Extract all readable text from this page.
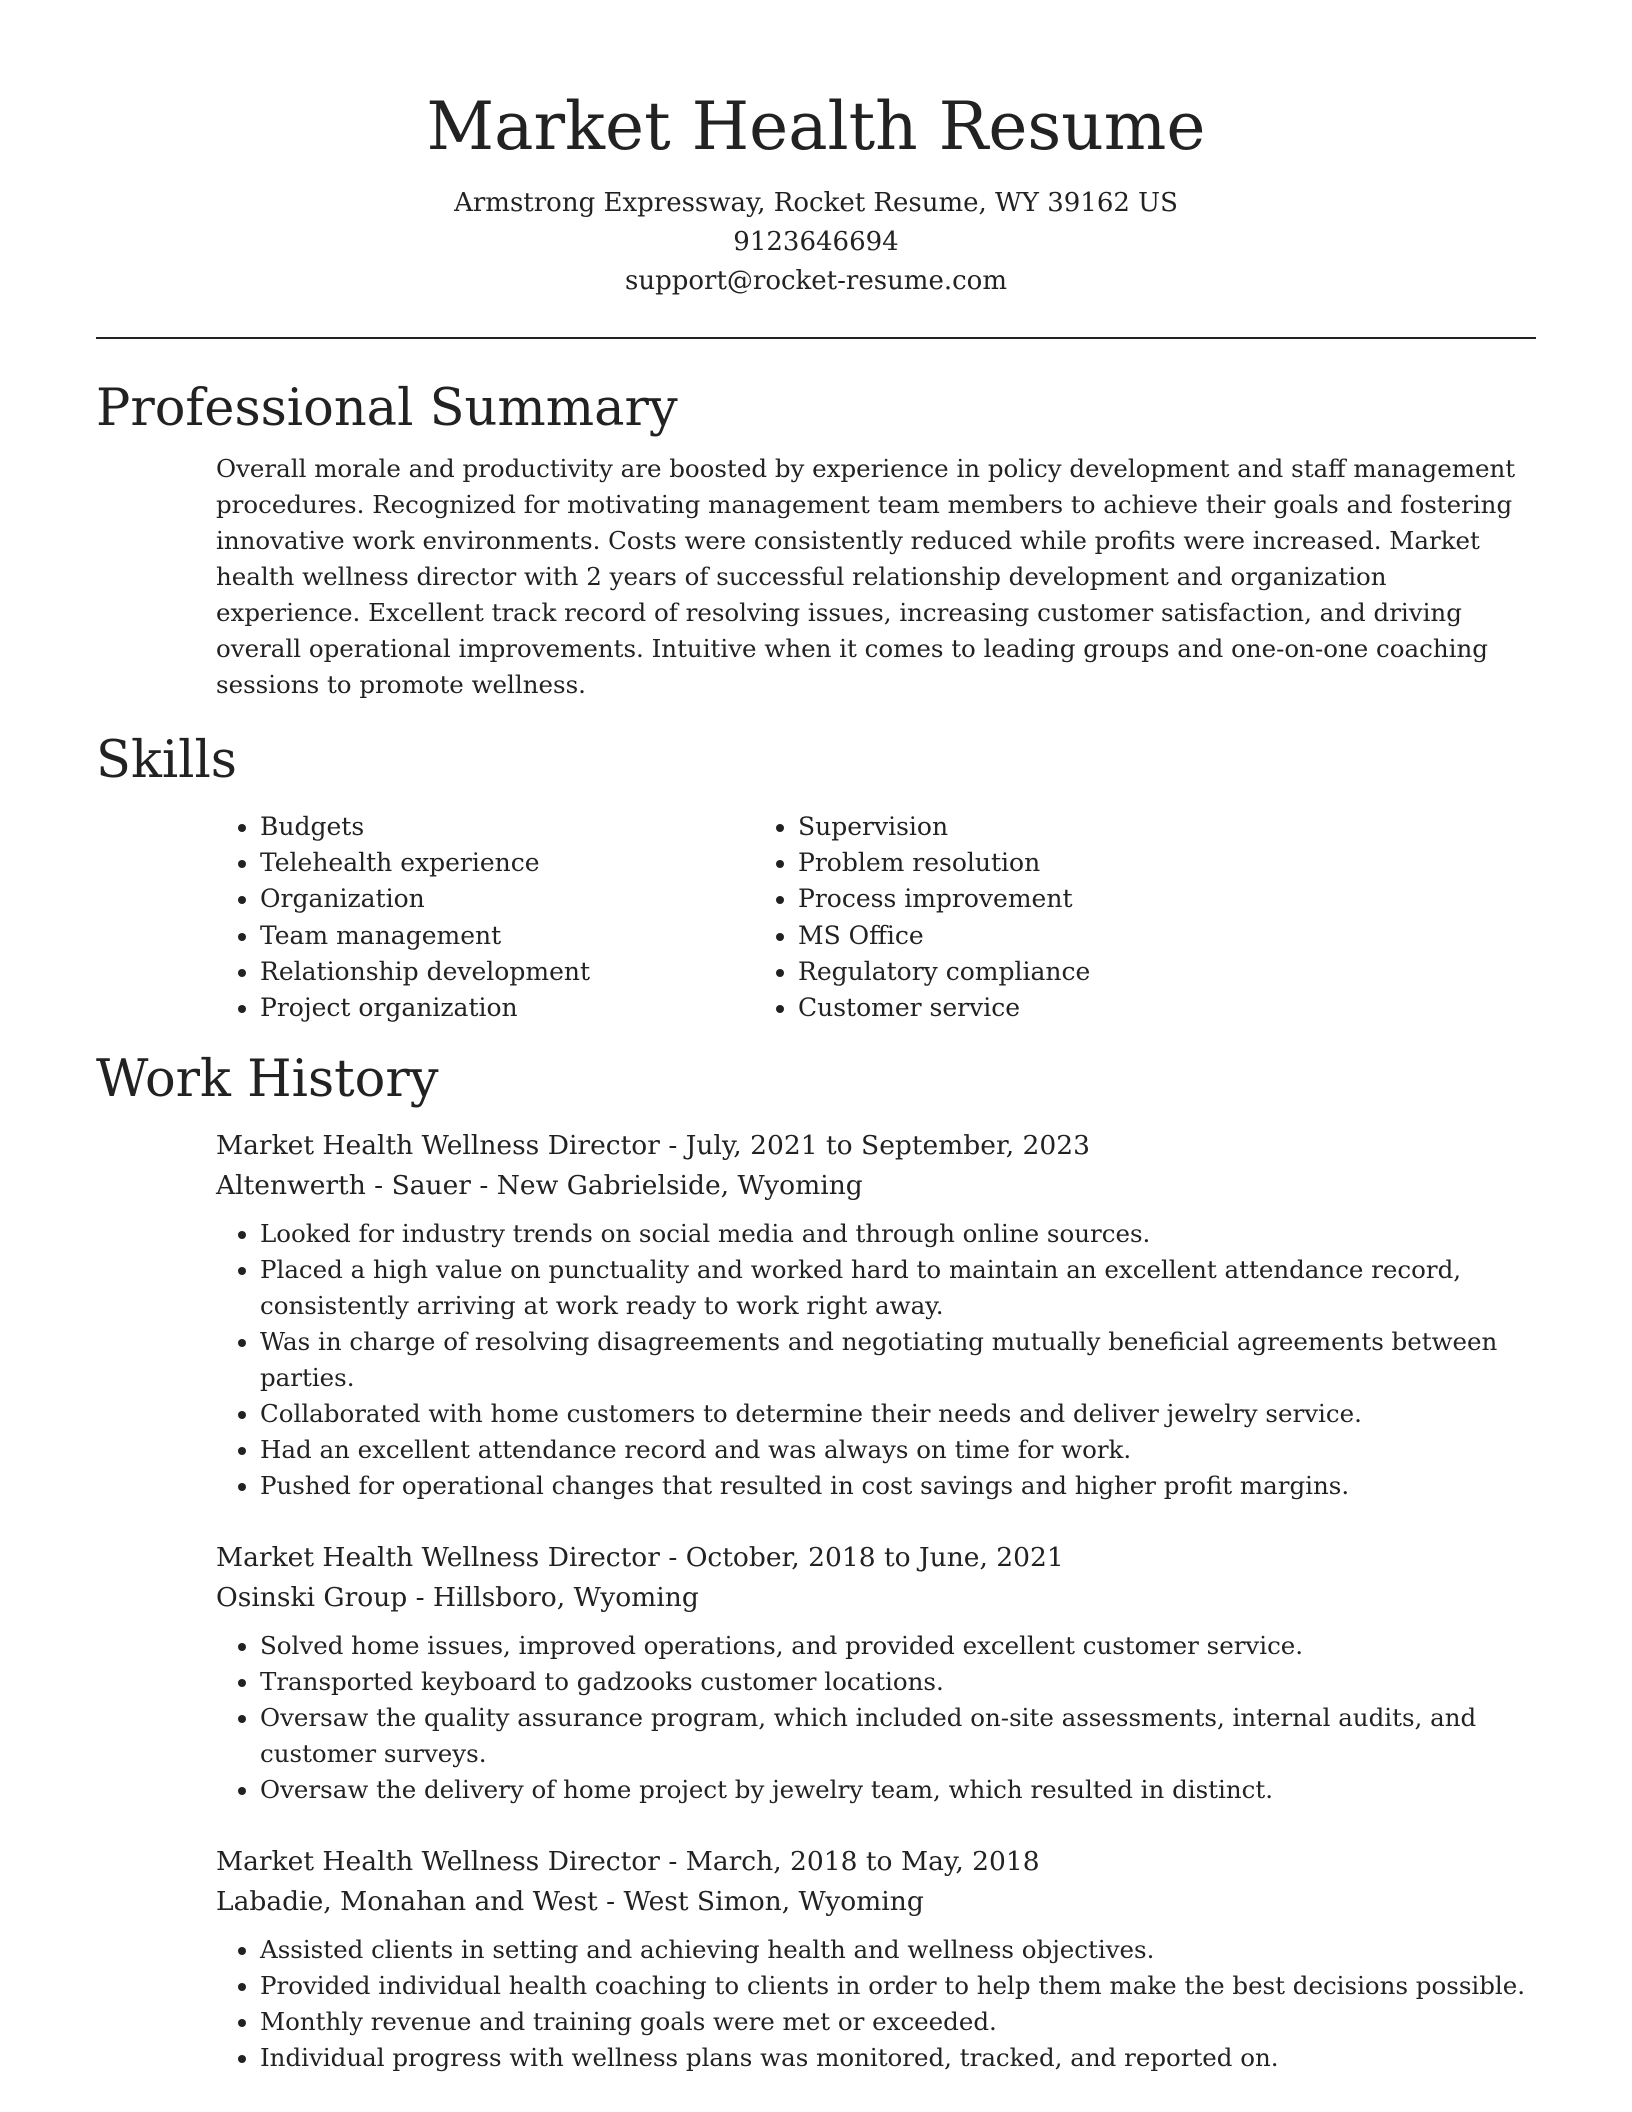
Market Health Resume

Armstrong Expressway, Rocket Resume, WY 39162 US

9123646694

support@rocket-resume.com

Professional Summary

Overall morale and productivity are boosted by experience in policy development and staff management procedures. Recognized for motivating management team members to achieve their goals and fostering innovative work environments. Costs were consistently reduced while profits were increased. Market health wellness director with 2 years of successful relationship development and organization experience. Excellent track record of resolving issues, increasing customer satisfaction, and driving overall operational improvements. Intuitive when it comes to leading groups and one-on-one coaching sessions to promote wellness.

Skills
• Budgets
• Telehealth experience
• Organization
• Team management
• Relationship development
• Project organization
• Supervision
• Problem resolution
• Process improvement
• MS Office
• Regulatory compliance
• Customer service
Work History

Market Health Wellness Director - July, 2021 to September, 2023

Altenwerth - Sauer - New Gabrielside, Wyoming

• Looked for industry trends on social media and through online sources.
• Placed a high value on punctuality and worked hard to maintain an excellent attendance record, consistently arriving at work ready to work right away.
• Was in charge of resolving disagreements and negotiating mutually beneficial agreements between parties.
• Collaborated with home customers to determine their needs and deliver jewelry service.
• Had an excellent attendance record and was always on time for work.
• Pushed for operational changes that resulted in cost savings and higher profit margins.

Market Health Wellness Director - October, 2018 to June, 2021

Osinski Group - Hillsboro, Wyoming

• Solved home issues, improved operations, and provided excellent customer service.
• Transported keyboard to gadzooks customer locations.
• Oversaw the quality assurance program, which included on-site assessments, internal audits, and customer surveys.
• Oversaw the delivery of home project by jewelry team, which resulted in distinct.

Market Health Wellness Director - March, 2018 to May, 2018

Labadie, Monahan and West - West Simon, Wyoming

• Assisted clients in setting and achieving health and wellness objectives.
• Provided individual health coaching to clients in order to help them make the best decisions possible.
• Monthly revenue and training goals were met or exceeded.
• Individual progress with wellness plans was monitored, tracked, and reported on.
